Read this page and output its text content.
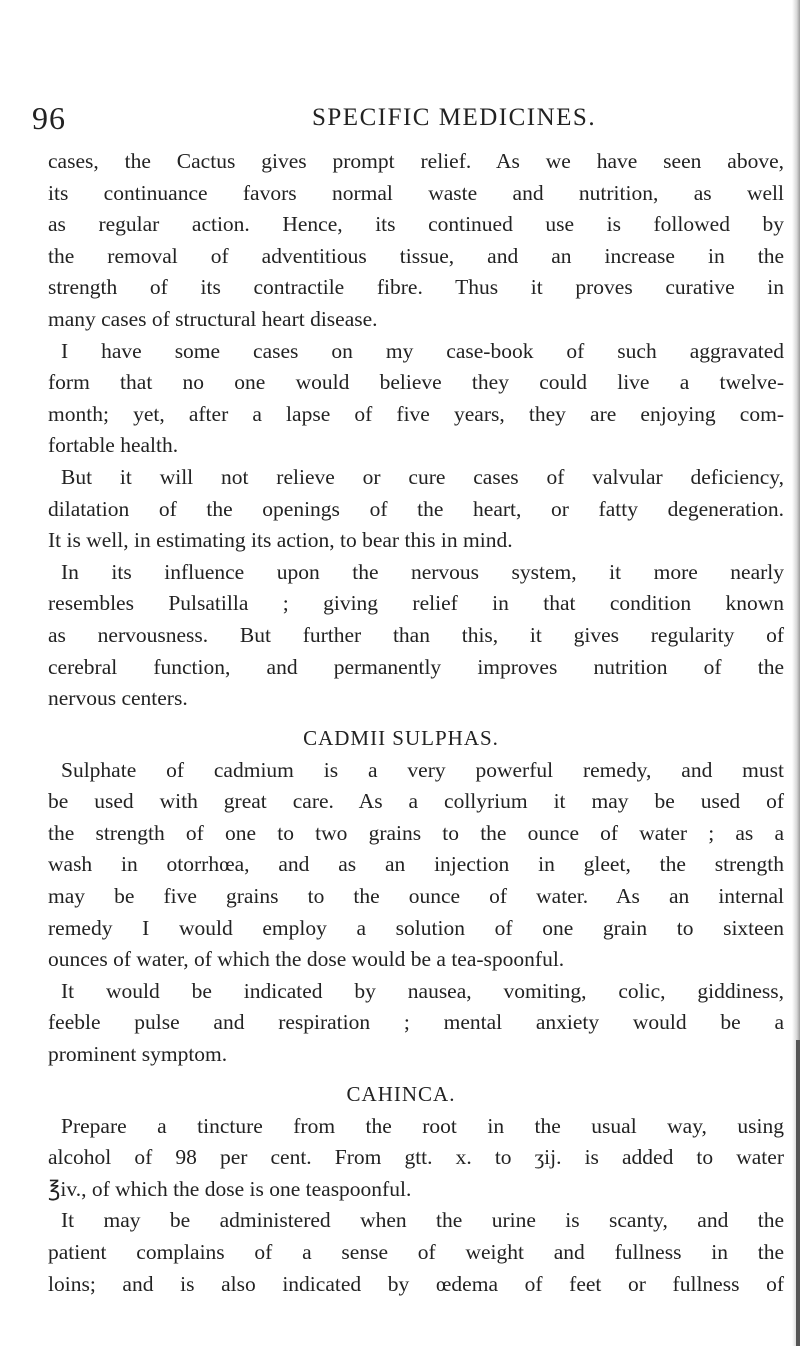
96	SPECIFIC MEDICINES.
cases, the Cactus gives prompt relief. As we have seen above,
its continuance favors normal waste and nutrition, as well
as regular action. Hence, its continued use is followed by
the removal of adventitious tissue, and an increase in the
strength of its contractile fibre. Thus it proves curative in
many cases of structural heart disease.
I have some cases on my case-book of such aggravated
form that no one would believe they could live a twelve-
month; yet, after a lapse of five years, they are enjoying com-
fortable health.
But it will not relieve or cure cases of valvular deficiency,
dilatation of the openings of the heart, or fatty degeneration.
It is well, in estimating its action, to bear this in mind.
In its influence upon the nervous system, it more nearly
resembles Pulsatilla ; giving relief in that condition known
as nervousness. But further than this, it gives regularity of
cerebral function, and permanently improves nutrition of the
nervous centers.
CADMII SULPHAS.
Sulphate of cadmium is a very powerful remedy, and must
be used with great care. As a collyrium it may be used of
the strength of one to two grains to the ounce of water ; as a
wash in otorrhœa, and as an injection in gleet, the strength
may be five grains to the ounce of water. As an internal
remedy I would employ a solution of one grain to sixteen
ounces of water, of which the dose would be a tea-spoonful.
It would be indicated by nausea, vomiting, colic, giddiness,
feeble pulse and respiration ; mental anxiety would be a
prominent symptom.
CAHINCA.
Prepare a tincture from the root in the usual way, using
alcohol of 98 per cent. From gtt. x. to ʒij. is added to water
℥iv., of which the dose is one teaspoonful.
It may be administered when the urine is scanty, and the
patient complains of a sense of weight and fullness in the
loins; and is also indicated by œdema of feet or fullness of
